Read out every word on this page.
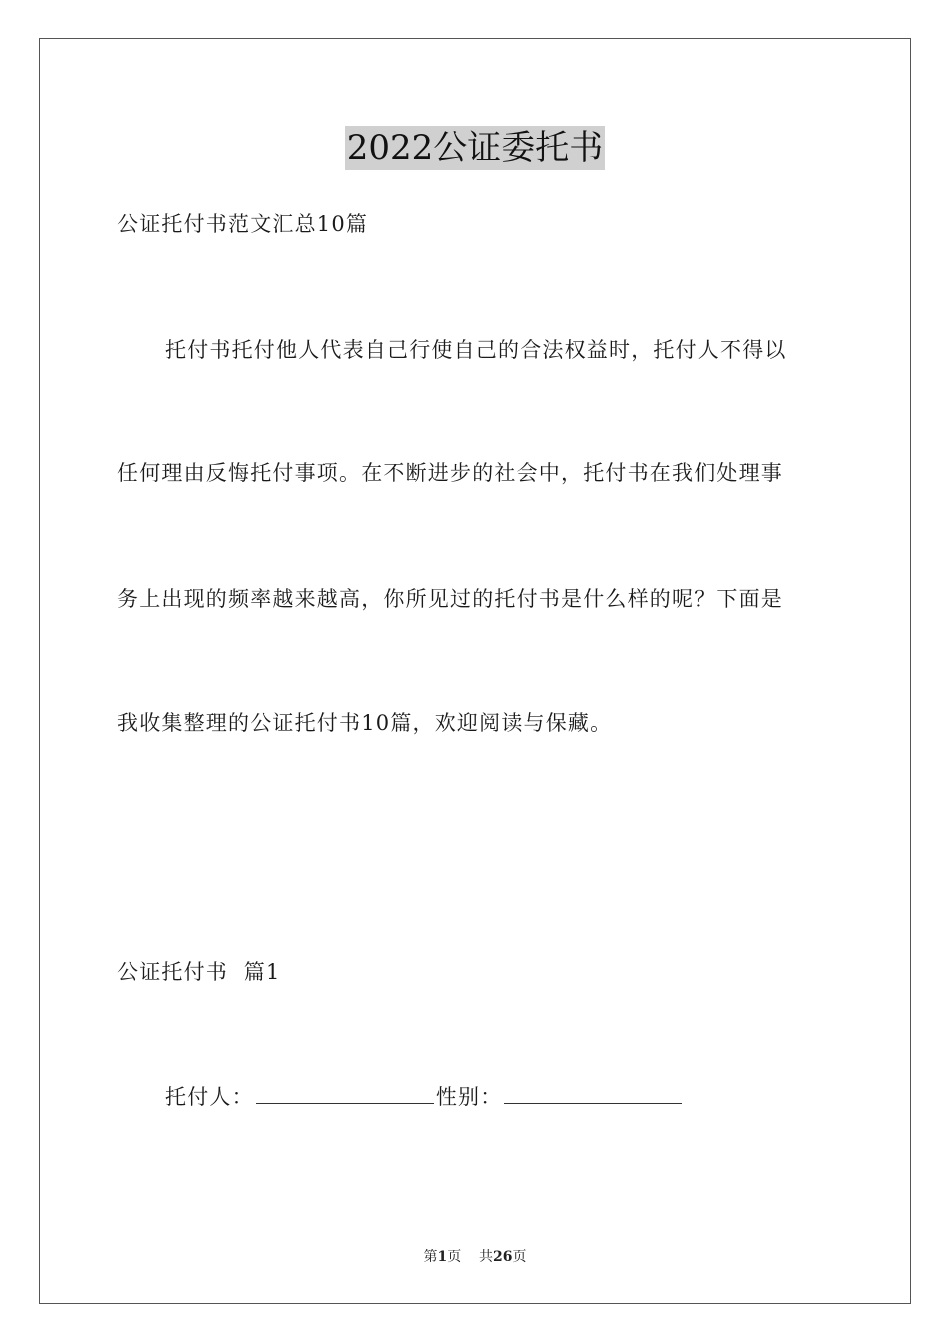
2022公证委托书
公证托付书范文汇总10篇
托付书托付他人代表自己行使自己的合法权益时，托付人不得以
任何理由反悔托付事项。在不断进步的社会中，托付书在我们处理事
务上出现的频率越来越高，你所见过的托付书是什么样的呢？下面是
我收集整理的公证托付书10篇，欢迎阅读与保藏。
公证托付书  篇1
托付人：	性别：
第1页 共26页
